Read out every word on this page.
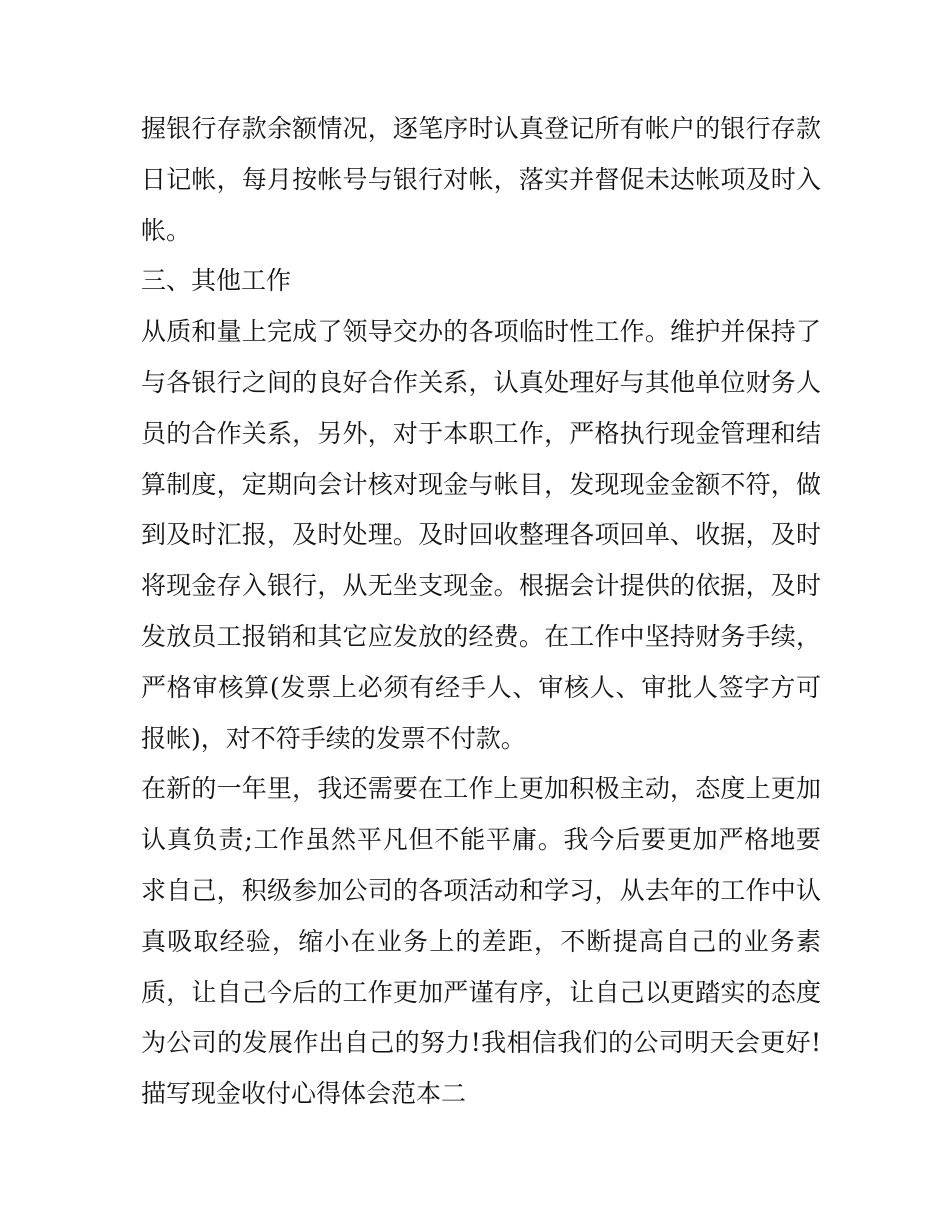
握银行存款余额情况，逐笔序时认真登记所有帐户的银行存款
日记帐，每月按帐号与银行对帐，落实并督促未达帐项及时入
帐。
三、其他工作
从质和量上完成了领导交办的各项临时性工作。维护并保持了
与各银行之间的良好合作关系，认真处理好与其他单位财务人
员的合作关系，另外，对于本职工作，严格执行现金管理和结
算制度，定期向会计核对现金与帐目，发现现金金额不符，做
到及时汇报，及时处理。及时回收整理各项回单、收据，及时
将现金存入银行，从无坐支现金。根据会计提供的依据，及时
发放员工报销和其它应发放的经费。在工作中坚持财务手续，
严格审核算(发票上必须有经手人、审核人、审批人签字方可
报帐)，对不符手续的发票不付款。
在新的一年里，我还需要在工作上更加积极主动，态度上更加
认真负责;工作虽然平凡但不能平庸。我今后要更加严格地要
求自己，积级参加公司的各项活动和学习，从去年的工作中认
真吸取经验，缩小在业务上的差距，不断提高自己的业务素
质，让自己今后的工作更加严谨有序，让自己以更踏实的态度
为公司的发展作出自己的努力!我相信我们的公司明天会更好!
描写现金收付心得体会范本二
